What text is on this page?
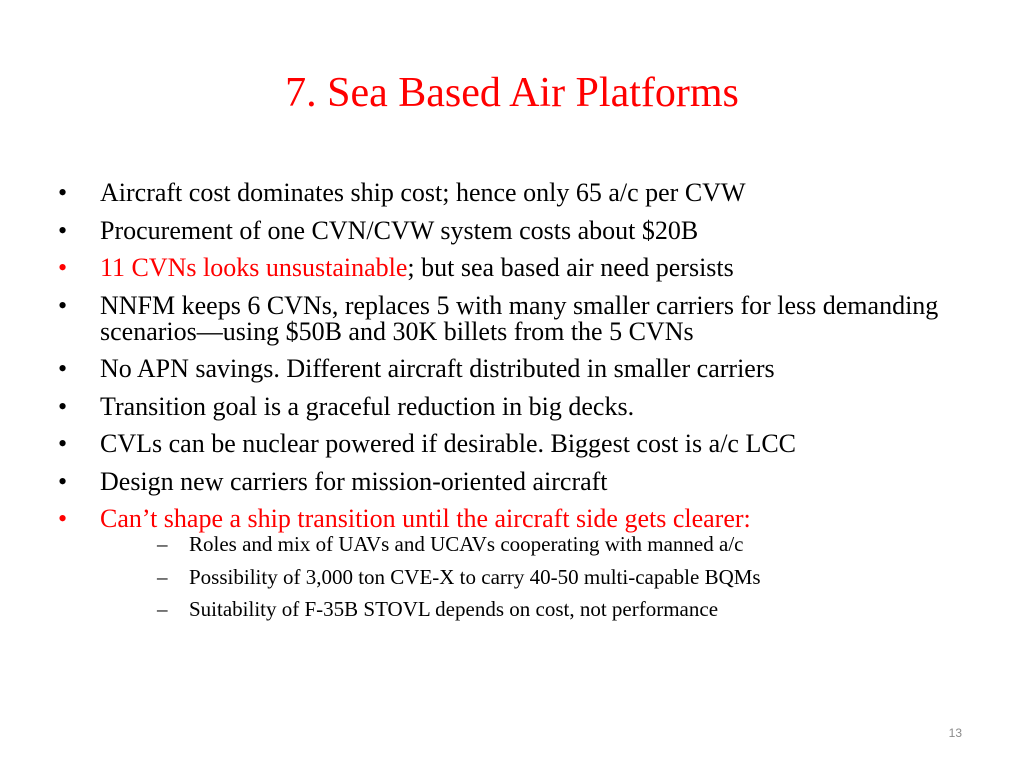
7. Sea Based Air Platforms
• Aircraft cost dominates ship cost; hence only 65 a/c per CVW
• Procurement of one CVN/CVW system costs about $20B
• 11 CVNs looks unsustainable; but sea based air need persists
• NNFM keeps 6 CVNs, replaces 5 with many smaller carriers for less demanding scenarios—using $50B and 30K billets from the 5 CVNs
• No APN savings. Different aircraft distributed in smaller carriers
• Transition goal is a graceful reduction in big decks.
• CVLs can be nuclear powered if desirable. Biggest cost is a/c LCC
• Design new carriers for mission-oriented aircraft
• Can’t shape a ship transition until the aircraft side gets clearer:
– Roles and mix of UAVs and UCAVs cooperating with manned a/c
– Possibility of 3,000 ton CVE-X to carry 40-50 multi-capable BQMs
– Suitability of F-35B STOVL depends on cost, not performance
13
